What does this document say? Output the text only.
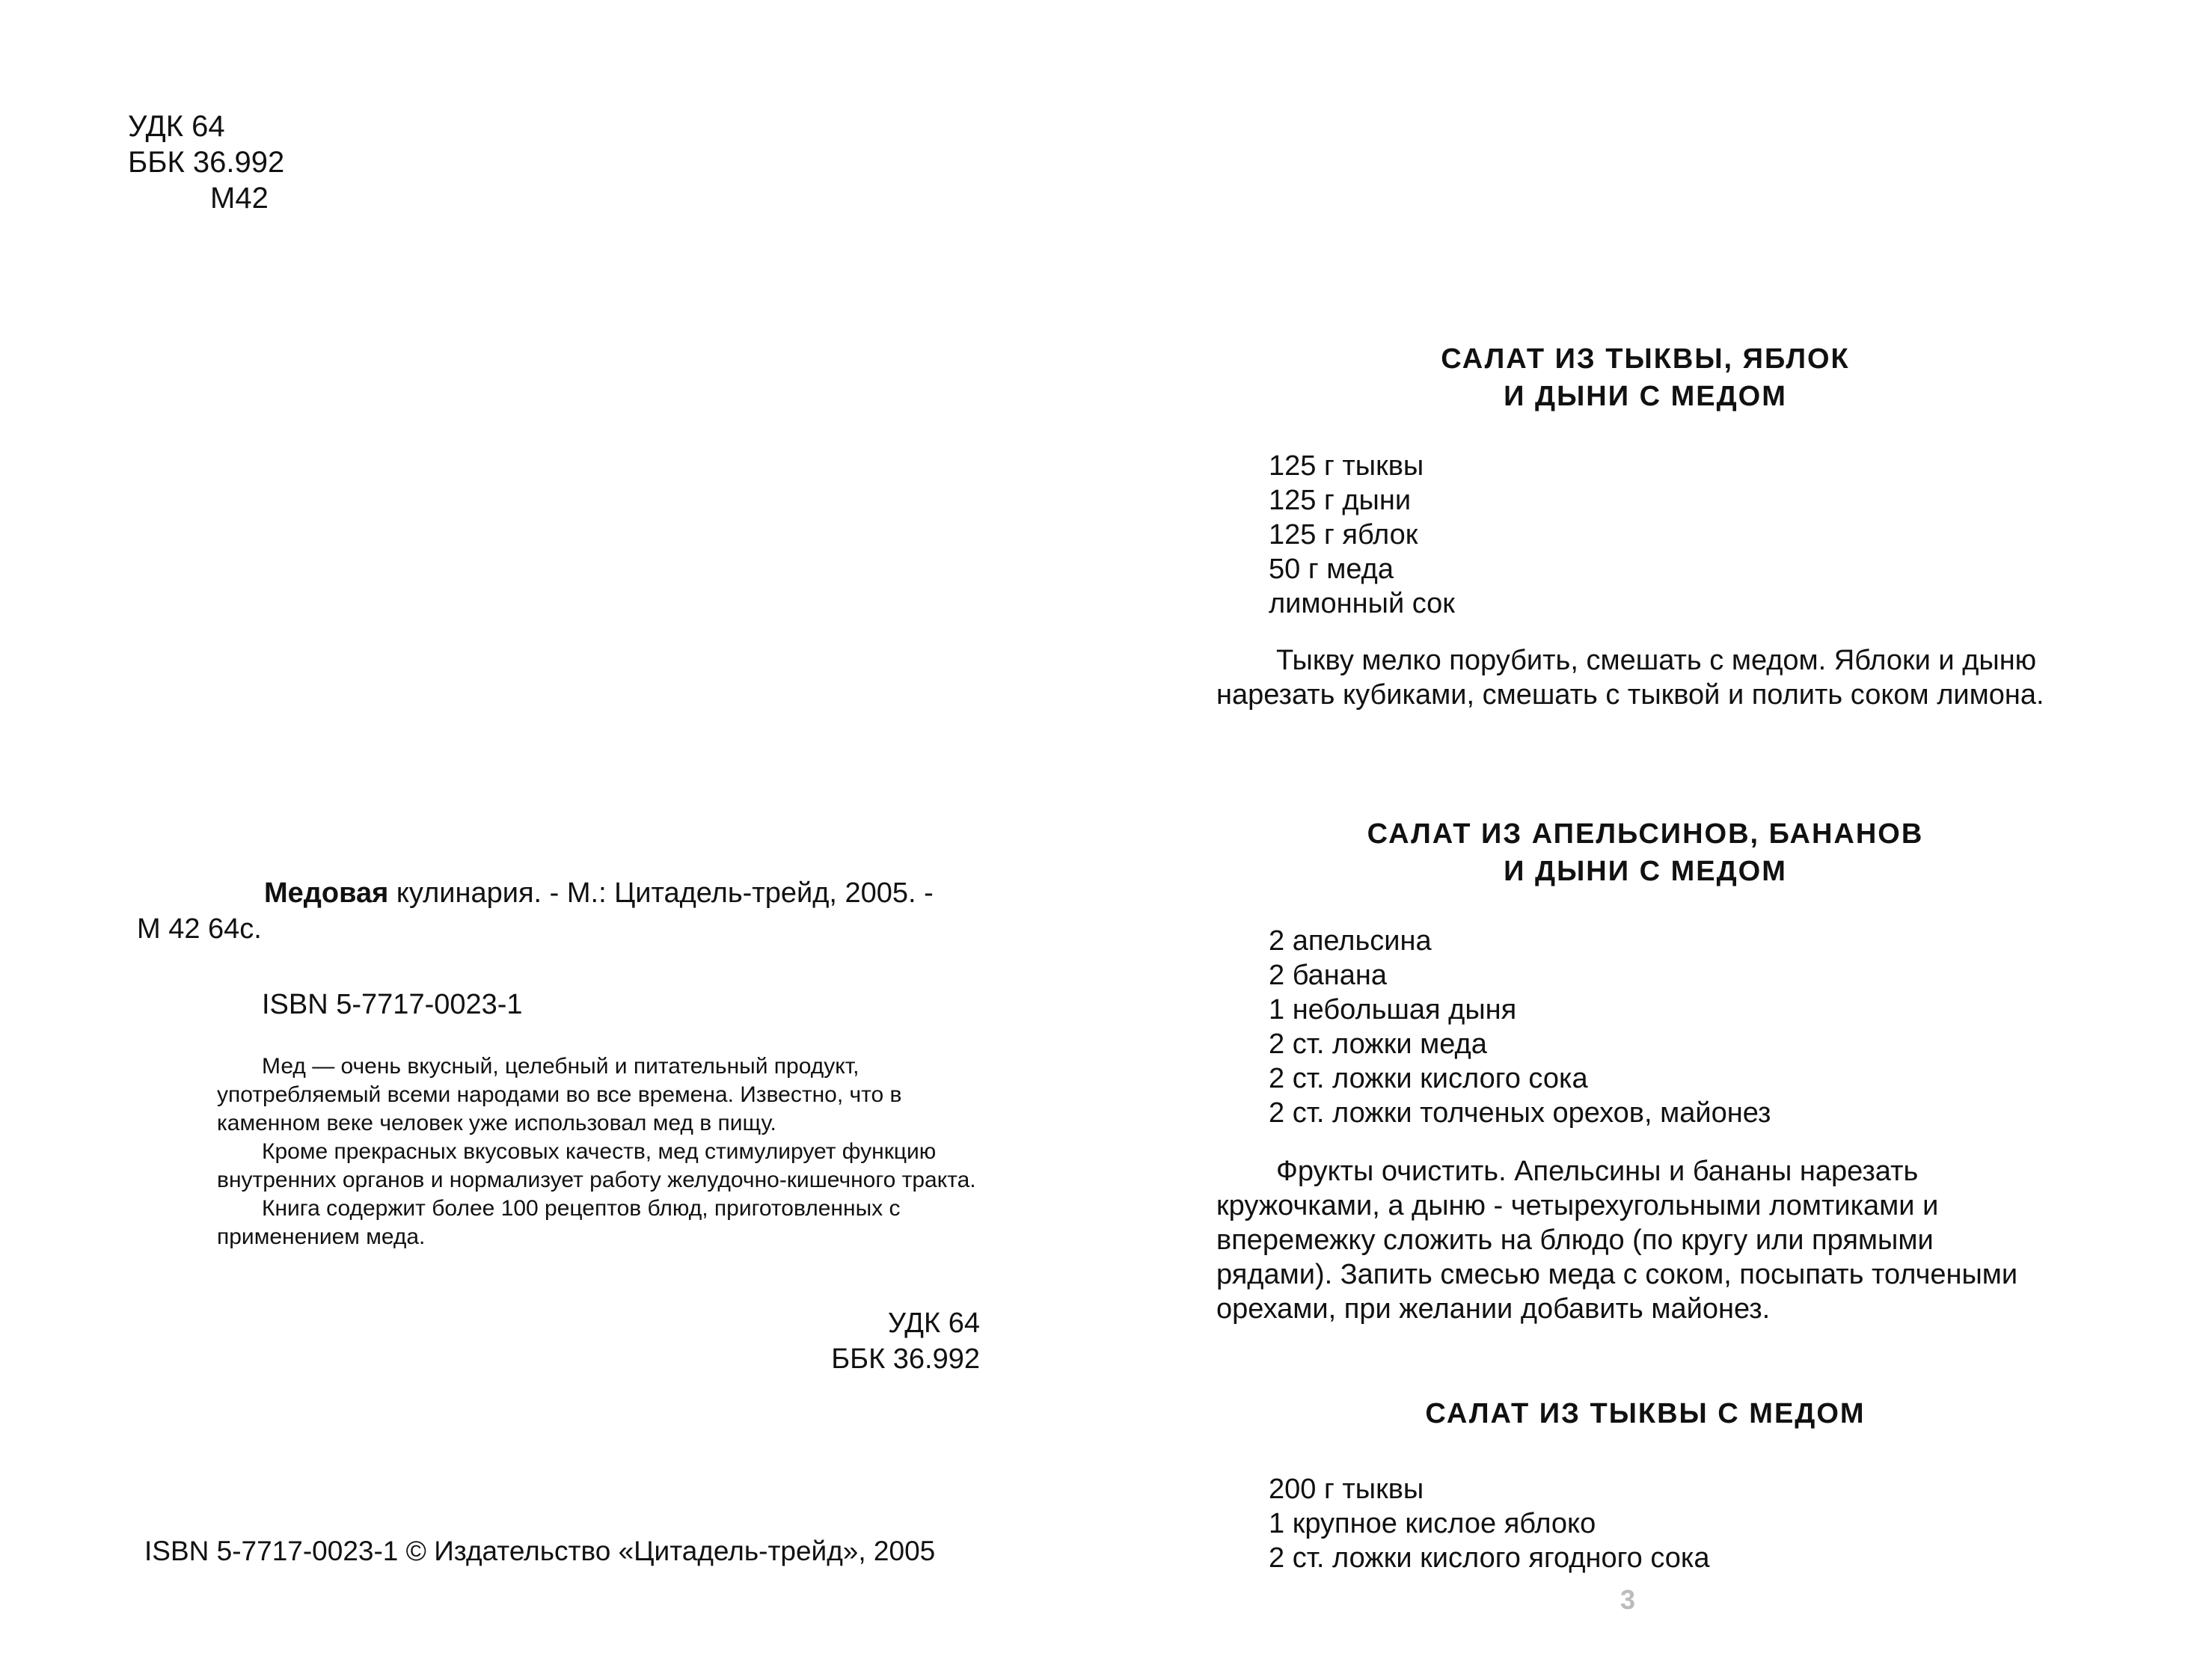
УДК 64
ББК 36.992
М42

Медовая кулинария. - М.: Цитадель-трейд, 2005. -

М 42 64с.

ISBN 5-7717-0023-1

Мед — очень вкусный, целебный и питательный продукт, употребляемый всеми народами во все времена. Известно, что в каменном веке человек уже использовал мед в пищу.

Кроме прекрасных вкусовых качеств, мед стимулирует функцию внутренних органов и нормализует работу желудочно-кишечного тракта.

Книга содержит более 100 рецептов блюд, приготовленных с применением меда.

УДК 64
ББК 36.992
ISBN 5-7717-0023-1 © Издательство «Цитадель-трейд», 2005
САЛАТ ИЗ ТЫКВЫ, ЯБЛОК
И ДЫНИ С МЕДОМ
125 г тыквы
125 г дыни
125 г яблок
50 г меда
лимонный сок

Тыкву мелко порубить, смешать с медом. Яблоки и дыню нарезать кубиками, смешать с тыквой и полить соком лимона.

САЛАТ ИЗ АПЕЛЬСИНОВ, БАНАНОВ
И ДЫНИ С МЕДОМ
2 апельсина
2 банана
1 небольшая дыня
2 ст. ложки меда
2 ст. ложки кислого сока
2 ст. ложки толченых орехов, майонез

Фрукты очистить. Апельсины и бананы нарезать кружочками, а дыню - четырехугольными ломтиками и вперемежку сложить на блюдо (по кругу или прямыми рядами). Запить смесью меда с соком, посыпать толчеными орехами, при желании добавить майонез.

САЛАТ ИЗ ТЫКВЫ С МЕДОМ
200 г тыквы
1 крупное кислое яблоко
2 ст. ложки кислого ягодного сока
3
